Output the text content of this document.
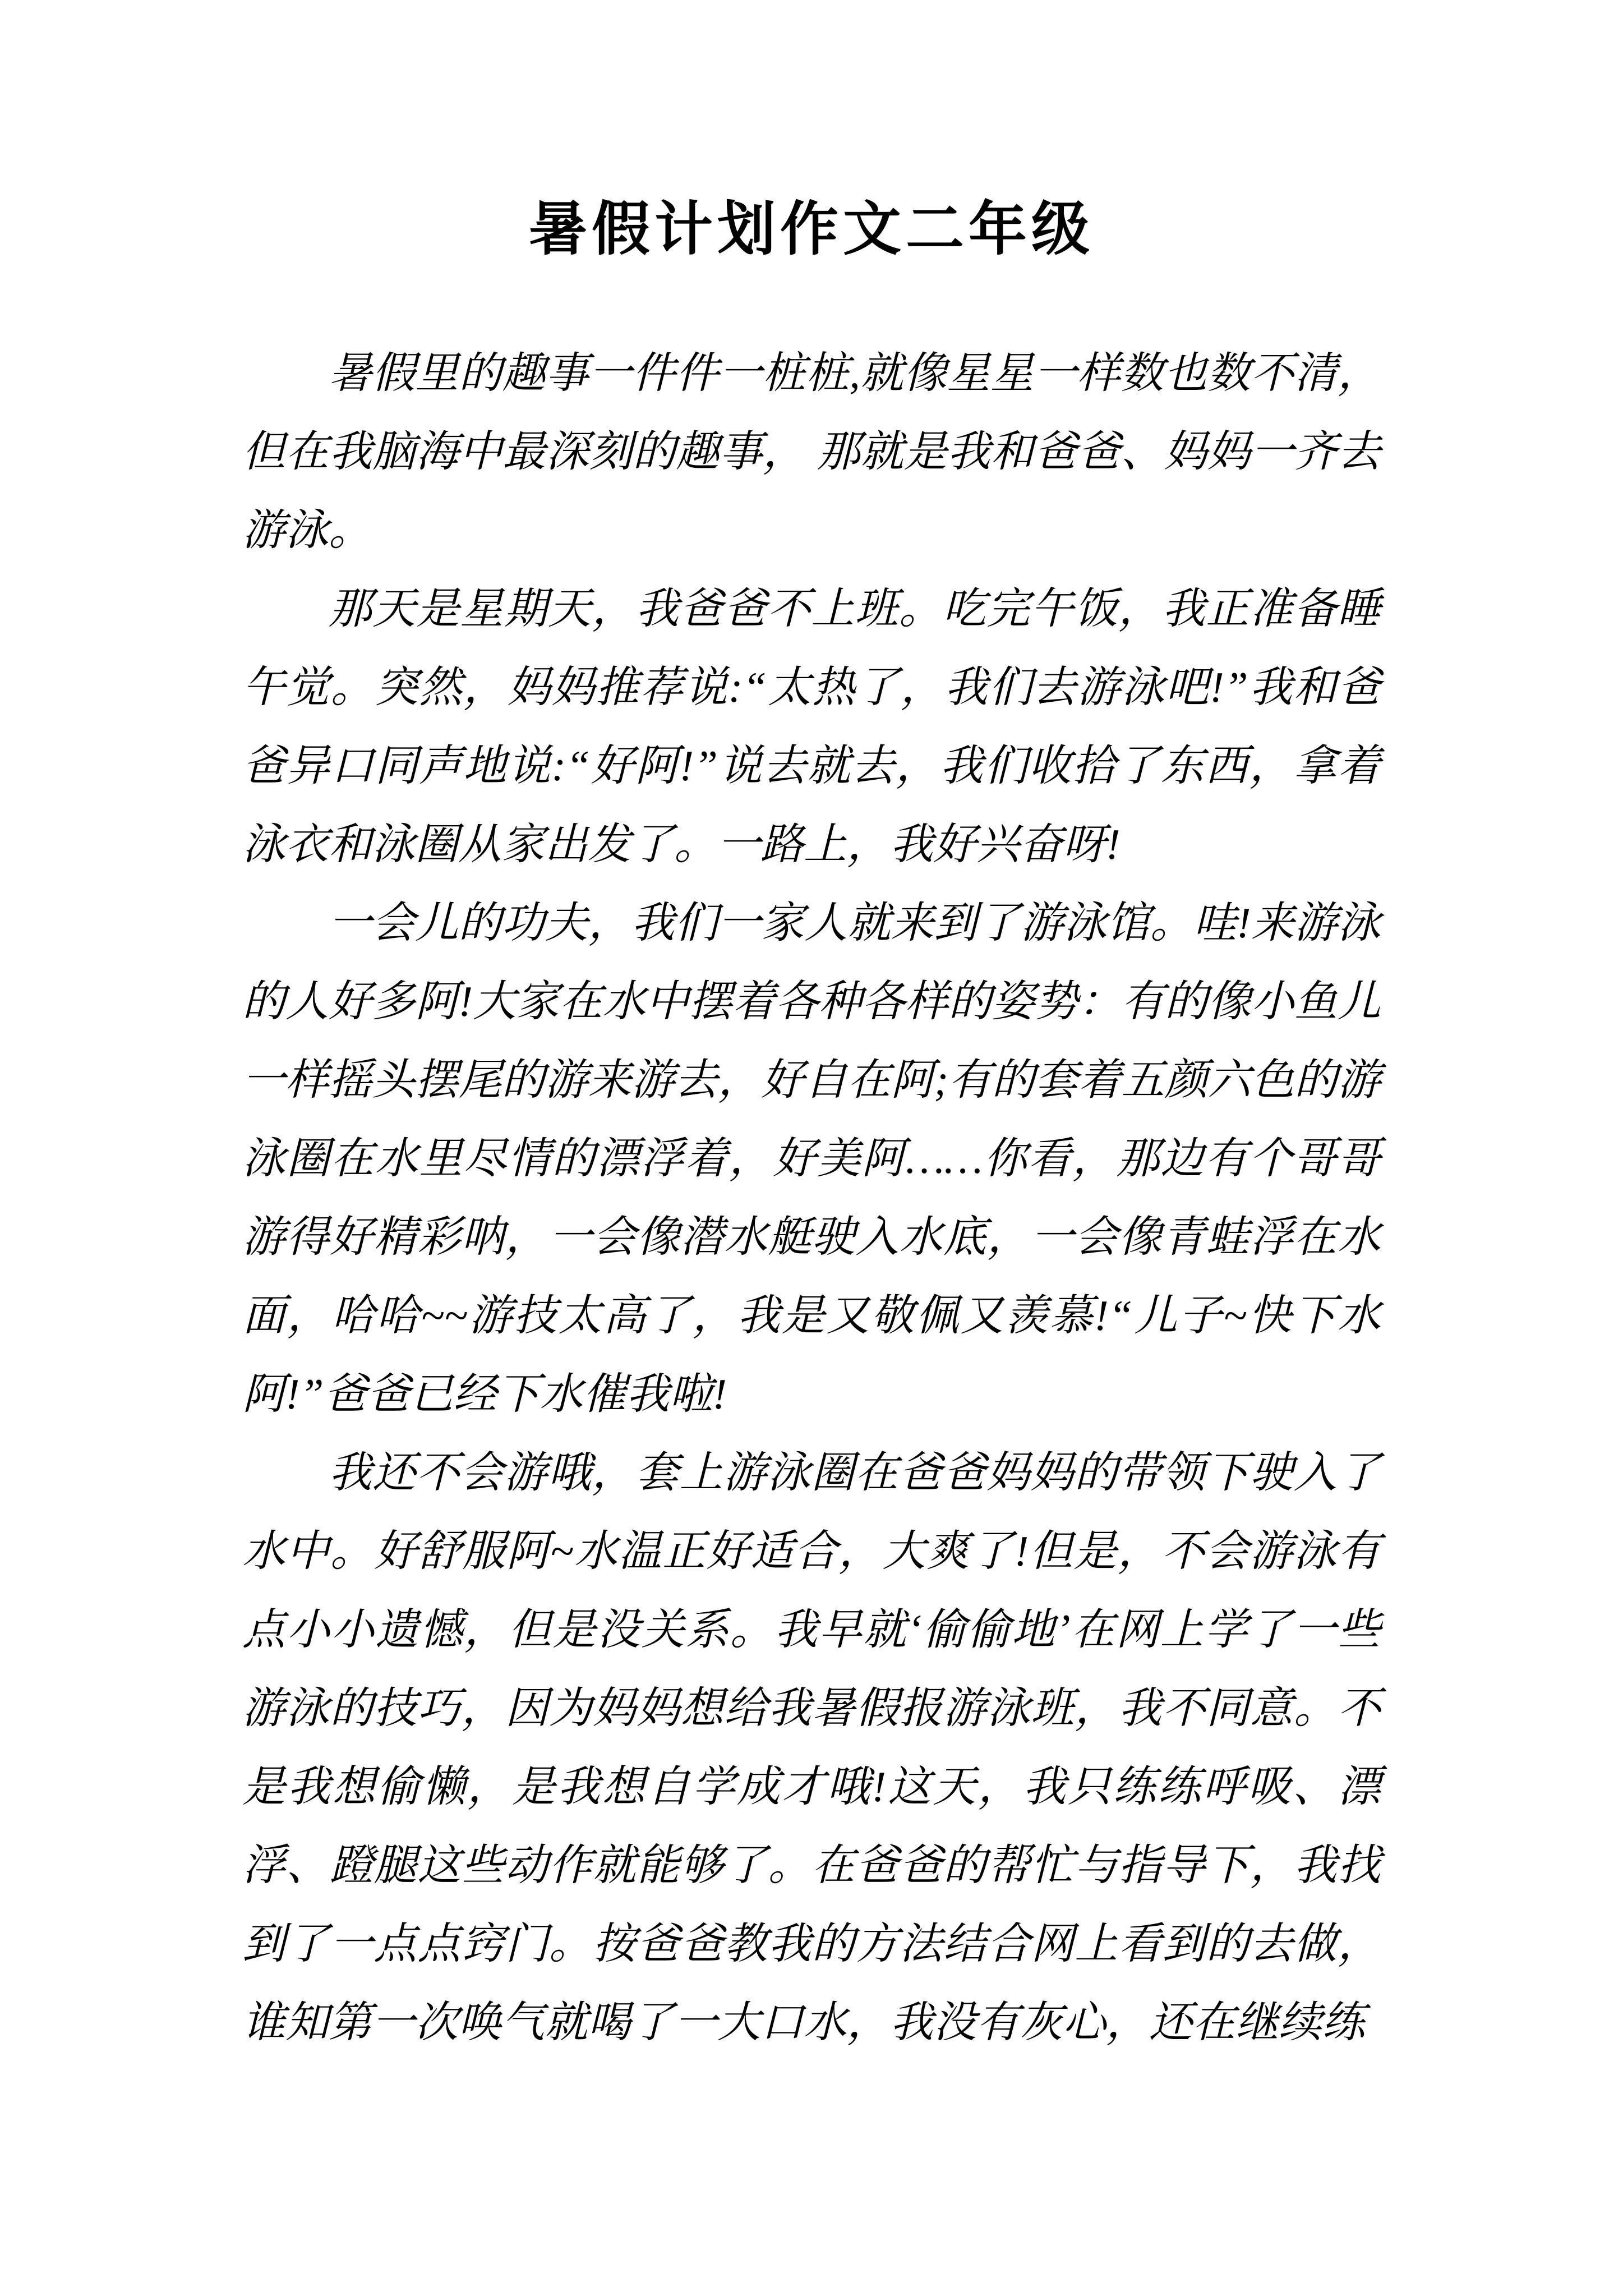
暑假计划作文二年级

暑假里的趣事一件件一桩桩,就像星星一样数也数不清，但在我脑海中最深刻的趣事， 那就是我和爸爸、妈妈一齐去游泳。

那天是星期天，我爸爸不上班。吃完午饭，我正准备睡午觉。突然，妈妈推荐说:“太热了，我们去游泳吧!”我和爸爸异口同声地说:“好阿!”说去就去，我们收拾了东西，拿着泳衣和泳圈从家出发了。一路上，我好兴奋呀!

一会儿的功夫，我们一家人就来到了游泳馆。哇!来游泳的人好多阿!大家在水中摆着各种各样的姿势：有的像小鱼儿一样摇头摆尾的游来游去，好自在阿;有的套着五颜六色的游泳圈在水里尽情的漂浮着，好美阿……你看，那边有个哥哥游得好精彩呐，一会像潜水艇驶入水底，一会像青蛙浮在水面，哈哈~~游技太高了，我是又敬佩又羡慕!“儿子~快下水阿!”爸爸已经下水催我啦!

我还不会游哦，套上游泳圈在爸爸妈妈的带领下驶入了水中。好舒服阿~水温正好适合，大爽了!但是，不会游泳有点小小遗憾，但是没关系。我早就‘偷偷地’在网上学了一些游泳的技巧，因为妈妈想给我暑假报游泳班，我不同意。不是我想偷懒，是我想自学成才哦!这天，我只练练呼吸、漂浮、蹬腿这些动作就能够了。在爸爸的帮忙与指导下，我找到了一点点窍门。按爸爸教我的方法结合网上看到的去做，谁知第一次唤气就喝了一大口水，我没有灰心，还在继续练
